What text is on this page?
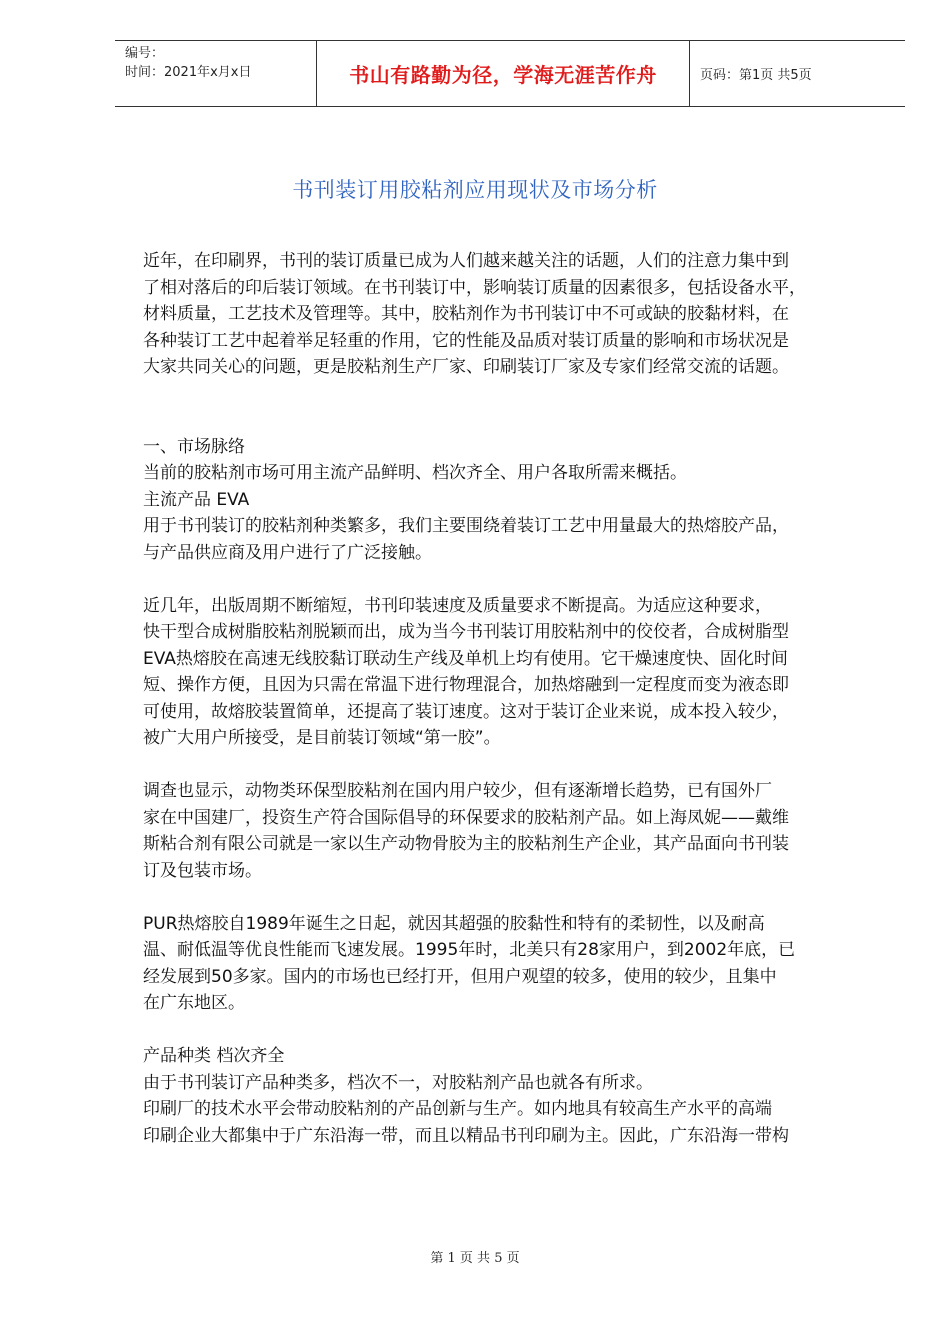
编号：
时间：2021年x月x日	书山有路勤为径，学海无涯苦作舟	页码：第1页 共5页
书刊装订用胶粘剂应用现状及市场分析
近年，在印刷界，书刊的装订质量已成为人们越来越关注的话题，人们的注意力集中到
了相对落后的印后装订领域。在书刊装订中，影响装订质量的因素很多，包括设备水平，
材料质量，工艺技术及管理等。其中，胶粘剂作为书刊装订中不可或缺的胶黏材料，在
各种装订工艺中起着举足轻重的作用，它的性能及品质对装订质量的影响和市场状况是
大家共同关心的问题，更是胶粘剂生产厂家、印刷装订厂家及专家们经常交流的话题。
一、市场脉络
当前的胶粘剂市场可用主流产品鲜明、档次齐全、用户各取所需来概括。
主流产品 EVA
用于书刊装订的胶粘剂种类繁多，我们主要围绕着装订工艺中用量最大的热熔胶产品，
与产品供应商及用户进行了广泛接触。
近几年，出版周期不断缩短，书刊印装速度及质量要求不断提高。为适应这种要求，
快干型合成树脂胶粘剂脱颖而出，成为当今书刊装订用胶粘剂中的佼佼者，合成树脂型
EVA热熔胶在高速无线胶黏订联动生产线及单机上均有使用。它干燥速度快、固化时间
短、操作方便，且因为只需在常温下进行物理混合，加热熔融到一定程度而变为液态即
可使用，故熔胶装置简单，还提高了装订速度。这对于装订企业来说，成本投入较少，
被广大用户所接受，是目前装订领域“第一胶”。
调查也显示，动物类环保型胶粘剂在国内用户较少，但有逐渐增长趋势，已有国外厂
家在中国建厂，投资生产符合国际倡导的环保要求的胶粘剂产品。如上海凤妮——戴维
斯粘合剂有限公司就是一家以生产动物骨胶为主的胶粘剂生产企业，其产品面向书刊装
订及包装市场。
PUR热熔胶自1989年诞生之日起，就因其超强的胶黏性和特有的柔韧性，以及耐高
温、耐低温等优良性能而飞速发展。1995年时，北美只有28家用户，到2002年底，已
经发展到50多家。国内的市场也已经打开，但用户观望的较多，使用的较少，且集中
在广东地区。
产品种类 档次齐全
由于书刊装订产品种类多，档次不一，对胶粘剂产品也就各有所求。
印刷厂的技术水平会带动胶粘剂的产品创新与生产。如内地具有较高生产水平的高端
印刷企业大都集中于广东沿海一带，而且以精品书刊印刷为主。因此，广东沿海一带构
第 1 页 共 5 页
